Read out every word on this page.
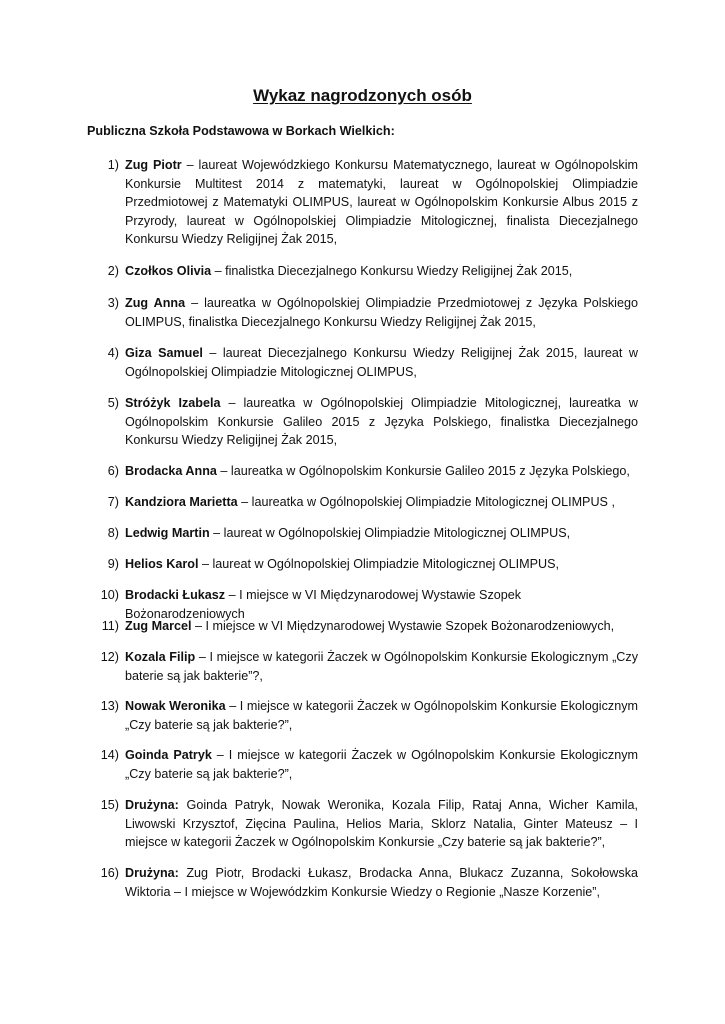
Wykaz nagrodzonych osób
Publiczna Szkoła Podstawowa w Borkach Wielkich:
1) Zug Piotr – laureat Wojewódzkiego Konkursu Matematycznego, laureat w Ogólnopolskim Konkursie Multitest 2014 z matematyki, laureat w Ogólnopolskiej Olimpiadzie Przedmiotowej z Matematyki OLIMPUS, laureat w Ogólnopolskim Konkursie Albus 2015 z Przyrody, laureat w Ogólnopolskiej Olimpiadzie Mitologicznej, finalista Diecezjalnego Konkursu Wiedzy Religijnej Żak 2015,
2) Czołkos Olivia – finalistka Diecezjalnego Konkursu Wiedzy Religijnej Żak 2015,
3) Zug Anna – laureatka w Ogólnopolskiej Olimpiadzie Przedmiotowej z Języka Polskiego OLIMPUS, finalistka Diecezjalnego Konkursu Wiedzy Religijnej Żak 2015,
4) Giza Samuel – laureat Diecezjalnego Konkursu Wiedzy Religijnej Żak 2015, laureat w Ogólnopolskiej Olimpiadzie Mitologicznej OLIMPUS,
5) Stróżyk Izabela – laureatka w Ogólnopolskiej Olimpiadzie Mitologicznej, laureatka w Ogólnopolskim Konkursie Galileo 2015 z Języka Polskiego, finalistka Diecezjalnego Konkursu Wiedzy Religijnej Żak 2015,
6) Brodacka Anna – laureatka w Ogólnopolskim Konkursie Galileo 2015 z Języka Polskiego,
7) Kandziora Marietta – laureatka w Ogólnopolskiej Olimpiadzie Mitologicznej OLIMPUS ,
8) Ledwig Martin – laureat w Ogólnopolskiej Olimpiadzie Mitologicznej OLIMPUS,
9) Helios Karol – laureat w Ogólnopolskiej Olimpiadzie Mitologicznej OLIMPUS,
10) Brodacki Łukasz – I miejsce w VI Międzynarodowej Wystawie Szopek Bożonarodzeniowych
11) Zug Marcel – I miejsce w VI Międzynarodowej Wystawie Szopek Bożonarodzeniowych,
12) Kozala Filip – I miejsce w kategorii Żaczek w Ogólnopolskim Konkursie Ekologicznym „Czy baterie są jak bakterie”?,
13) Nowak Weronika – I miejsce w kategorii Żaczek w Ogólnopolskim Konkursie Ekologicznym „Czy baterie są jak bakterie?”,
14) Goinda Patryk – I miejsce w kategorii Żaczek w Ogólnopolskim Konkursie Ekologicznym „Czy baterie są jak bakterie?”,
15) Drużyna: Goinda Patryk, Nowak Weronika, Kozala Filip, Rataj Anna, Wicher Kamila, Liwowski Krzysztof, Zięcina Paulina, Helios Maria, Sklorz Natalia, Ginter Mateusz – I miejsce w kategorii Żaczek w Ogólnopolskim Konkursie „Czy baterie są jak bakterie?”,
16) Drużyna: Zug Piotr, Brodacki Łukasz, Brodacka Anna, Blukacz Zuzanna, Sokołowska Wiktoria – I miejsce w Wojewódzkim Konkursie Wiedzy o Regionie „Nasze Korzenie”,
